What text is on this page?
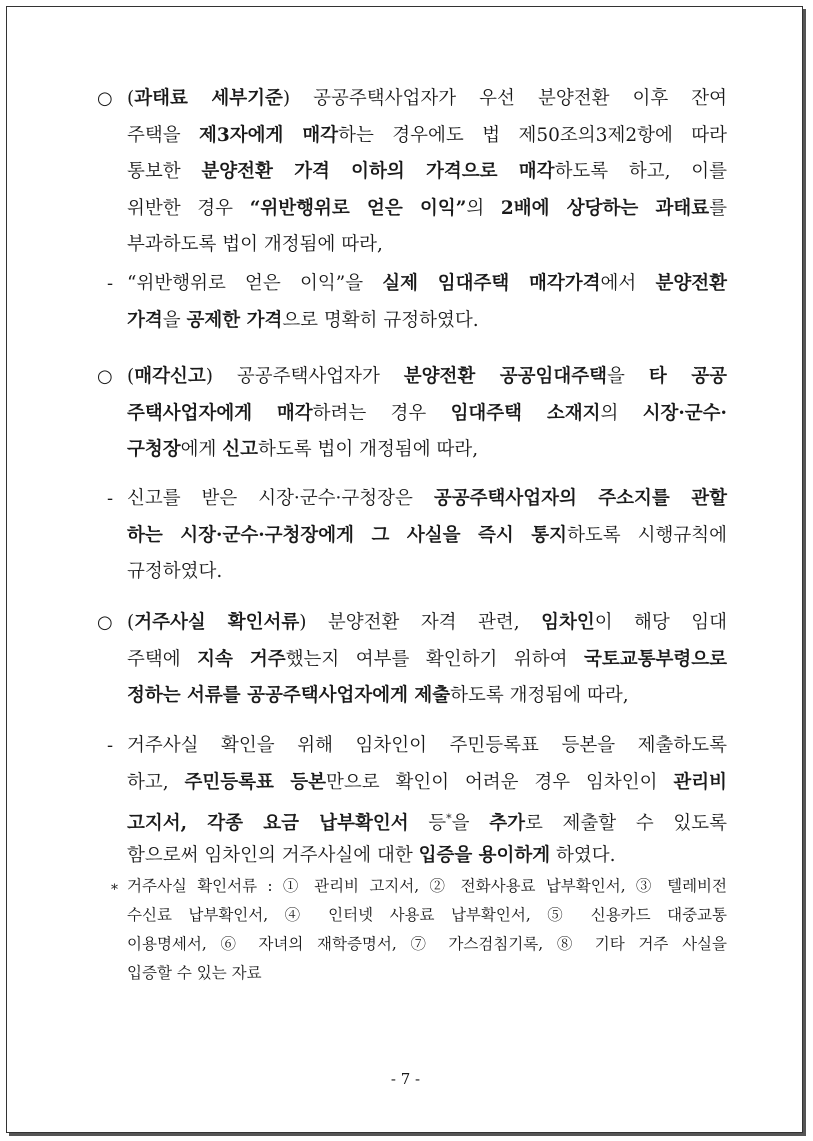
○ (과태료 세부기준) 공공주택사업자가 우선 분양전환 이후 잔여
주택을 제3자에게 매각하는 경우에도 법 제50조의3제2항에 따라
통보한 분양전환 가격 이하의 가격으로 매각하도록 하고, 이를
위반한 경우 “위반행위로 얻은 이익”의 2배에 상당하는 과태료를
부과하도록 법이 개정됨에 따라,
- “위반행위로 얻은 이익”을 실제 임대주택 매각가격에서 분양전환
가격을 공제한 가격으로 명확히 규정하였다.
○ (매각신고) 공공주택사업자가 분양전환 공공임대주택을 타 공공
주택사업자에게 매각하려는 경우 임대주택 소재지의 시장·군수·
구청장에게 신고하도록 법이 개정됨에 따라,
- 신고를 받은 시장·군수·구청장은 공공주택사업자의 주소지를 관할
하는 시장·군수·구청장에게 그 사실을 즉시 통지하도록 시행규칙에
규정하였다.
○ (거주사실 확인서류) 분양전환 자격 관련, 임차인이 해당 임대
주택에 지속 거주했는지 여부를 확인하기 위하여 국토교통부령으로
정하는 서류를 공공주택사업자에게 제출하도록 개정됨에 따라,
- 거주사실 확인을 위해 임차인이 주민등록표 등본을 제출하도록
하고, 주민등록표 등본만으로 확인이 어려운 경우 임차인이 관리비
고지서, 각종 요금 납부확인서 등*을 추가로 제출할 수 있도록
함으로써 임차인의 거주사실에 대한 입증을 용이하게 하였다.
* 거주사실 확인서류 : ① 관리비 고지서, ② 전화사용료 납부확인서, ③ 텔레비전
수신료 납부확인서, ④ 인터넷 사용료 납부확인서, ⑤ 신용카드 대중교통
이용명세서, ⑥ 자녀의 재학증명서, ⑦ 가스검침기록, ⑧ 기타 거주 사실을
입증할 수 있는 자료
- 7 -
